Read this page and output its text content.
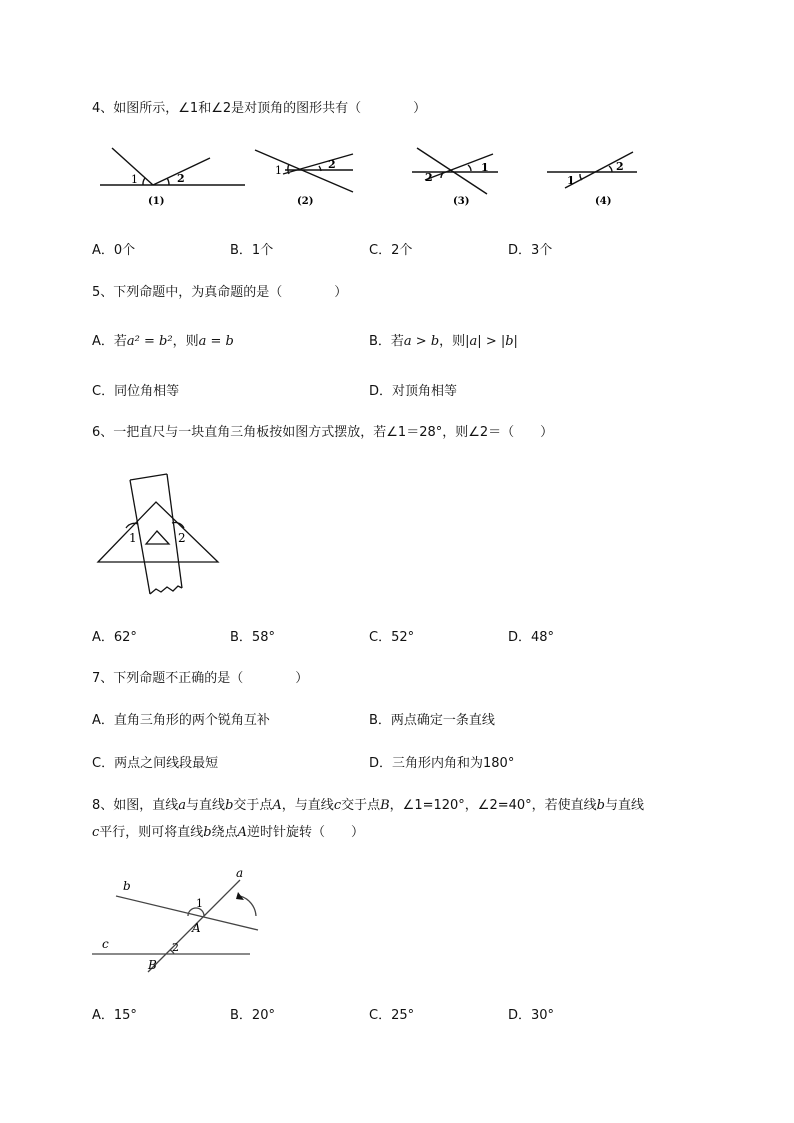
4、如图所示，∠1和∠2是对顶角的图形共有（　　　　）
1	2
(1)
1	2
(2)
2
1
(3)
1
2
(4)
A．0个	B．1个	C．2个	D．3个
5、下列命题中，为真命题的是（　　　　）
A．若a² = b²，则a = b	B．若a > b，则|a| > |b|
C．同位角相等	D．对顶角相等
6、一把直尺与一块直角三角板按如图方式摆放，若∠1＝28°，则∠2＝（　　）
1	2
A．62°	B．58°	C．52°	D．48°
7、下列命题不正确的是（　　　　）
A．直角三角形的两个锐角互补	B．两点确定一条直线
C．两点之间线段最短	D．三角形内角和为180°
8、如图，直线a与直线b交于点A，与直线c交于点B，∠1=120°，∠2=40°，若使直线b与直线
c平行，则可将直线b绕点A逆时针旋转（　　）
a
b
c
1
2
A
B
A．15°	B．20°	C．25°	D．30°
